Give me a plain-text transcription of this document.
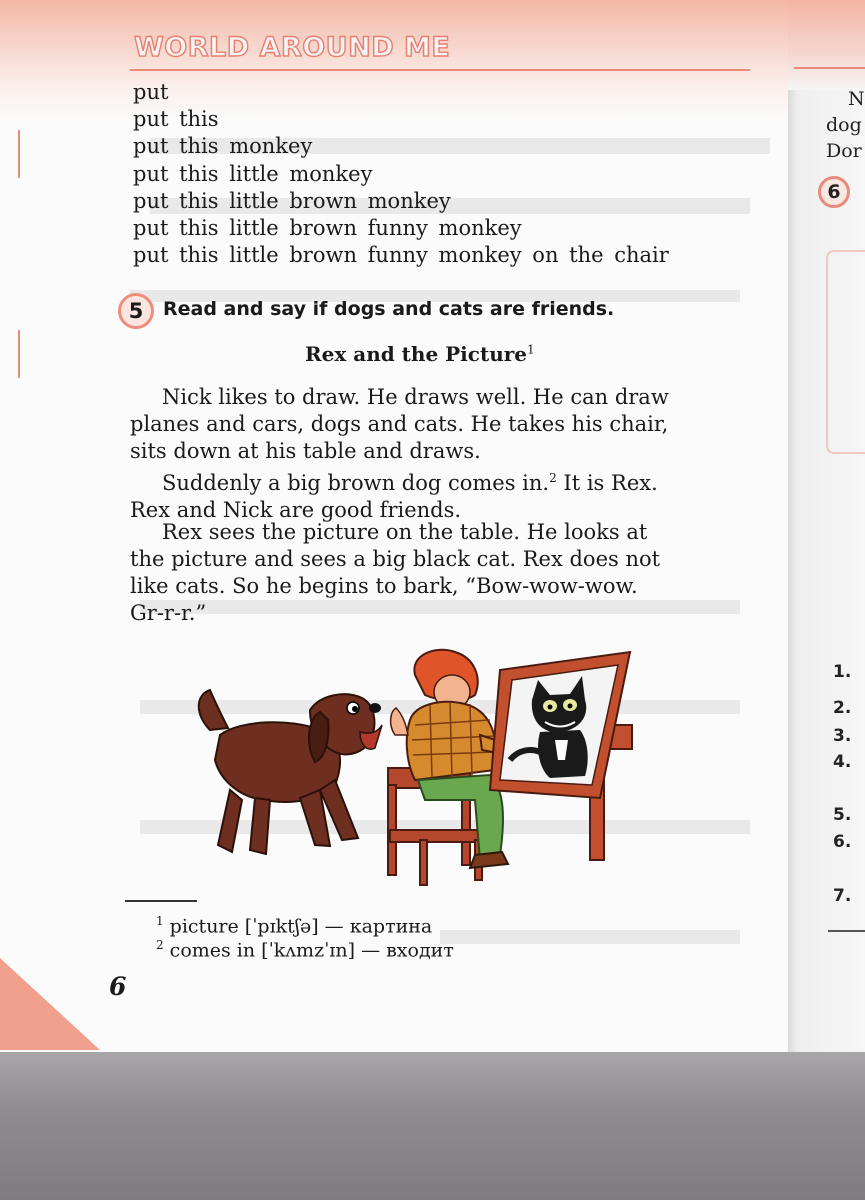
N
dog
Dor
6
1.
2.
3.
4.
5.
6.
7.
WORLD AROUND ME
put
put this
put this monkey
put this little monkey
put this little brown monkey
put this little brown funny monkey
put this little brown funny monkey on the chair
5	Read and say if dogs and cats are friends.
Rex and the Picture$^1$
Nick likes to draw. He draws well. He can draw
planes and cars, dogs and cats. He takes his chair,
sits down at his table and draws.
Suddenly a big brown dog comes in.$^2$ It is Rex.
Rex and Nick are good friends.
Rex sees the picture on the table. He looks at
the picture and sees a big black cat. Rex does not
like cats. So he begins to bark, “Bow-wow-wow.
Gr-r-r.”
$^1$ picture [ˈpɪktʃə] — картина
$^2$ comes in [ˈkʌmzˈɪn] — входит
6
